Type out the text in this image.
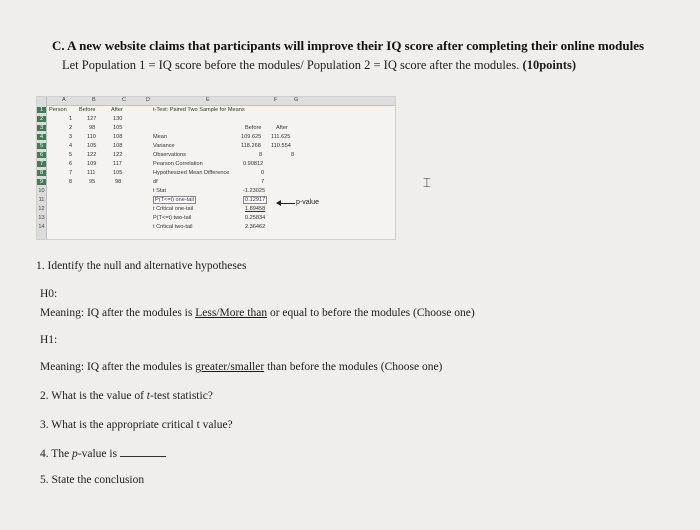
C. A new website claims that participants will improve their IQ score after completing their online modules
Let Population 1 = IQ score before the modules/ Population 2 = IQ score after the modules. (10points)
A	B	C	D	E	F	G
1
2
3
4
5
6
7
8
9
10
11
12
13
14
Person Before	After	t-Test: Paired Two Sample for Means
1	127	130
2	98	105
3	110	108
4	105	108
5	122	122
6	109	117
7	111	105
8	95	98
Before	After
Mean	109.625 111.625
Variance	118.268 110.554
Observations	8	8
Pearson Correlation	0.90812
Hypothesized Mean Difference	0
df	7
t Stat	-1.23025
P(T<=t) one-tail	0.12917
t Critical one-tail	1.89458
P(T<=t) two-tail	0.25834
t Critical two-tail	2.36462
p-value
⌶
1. Identify the null and alternative hypotheses
H0:
Meaning: IQ after the modules is Less/More than or equal to before the modules (Choose one)
H1:
Meaning: IQ after the modules is greater/smaller than before the modules (Choose one)
2. What is the value of t-test statistic?
3. What is the appropriate critical t value?
4. The p-value is
5. State the conclusion
